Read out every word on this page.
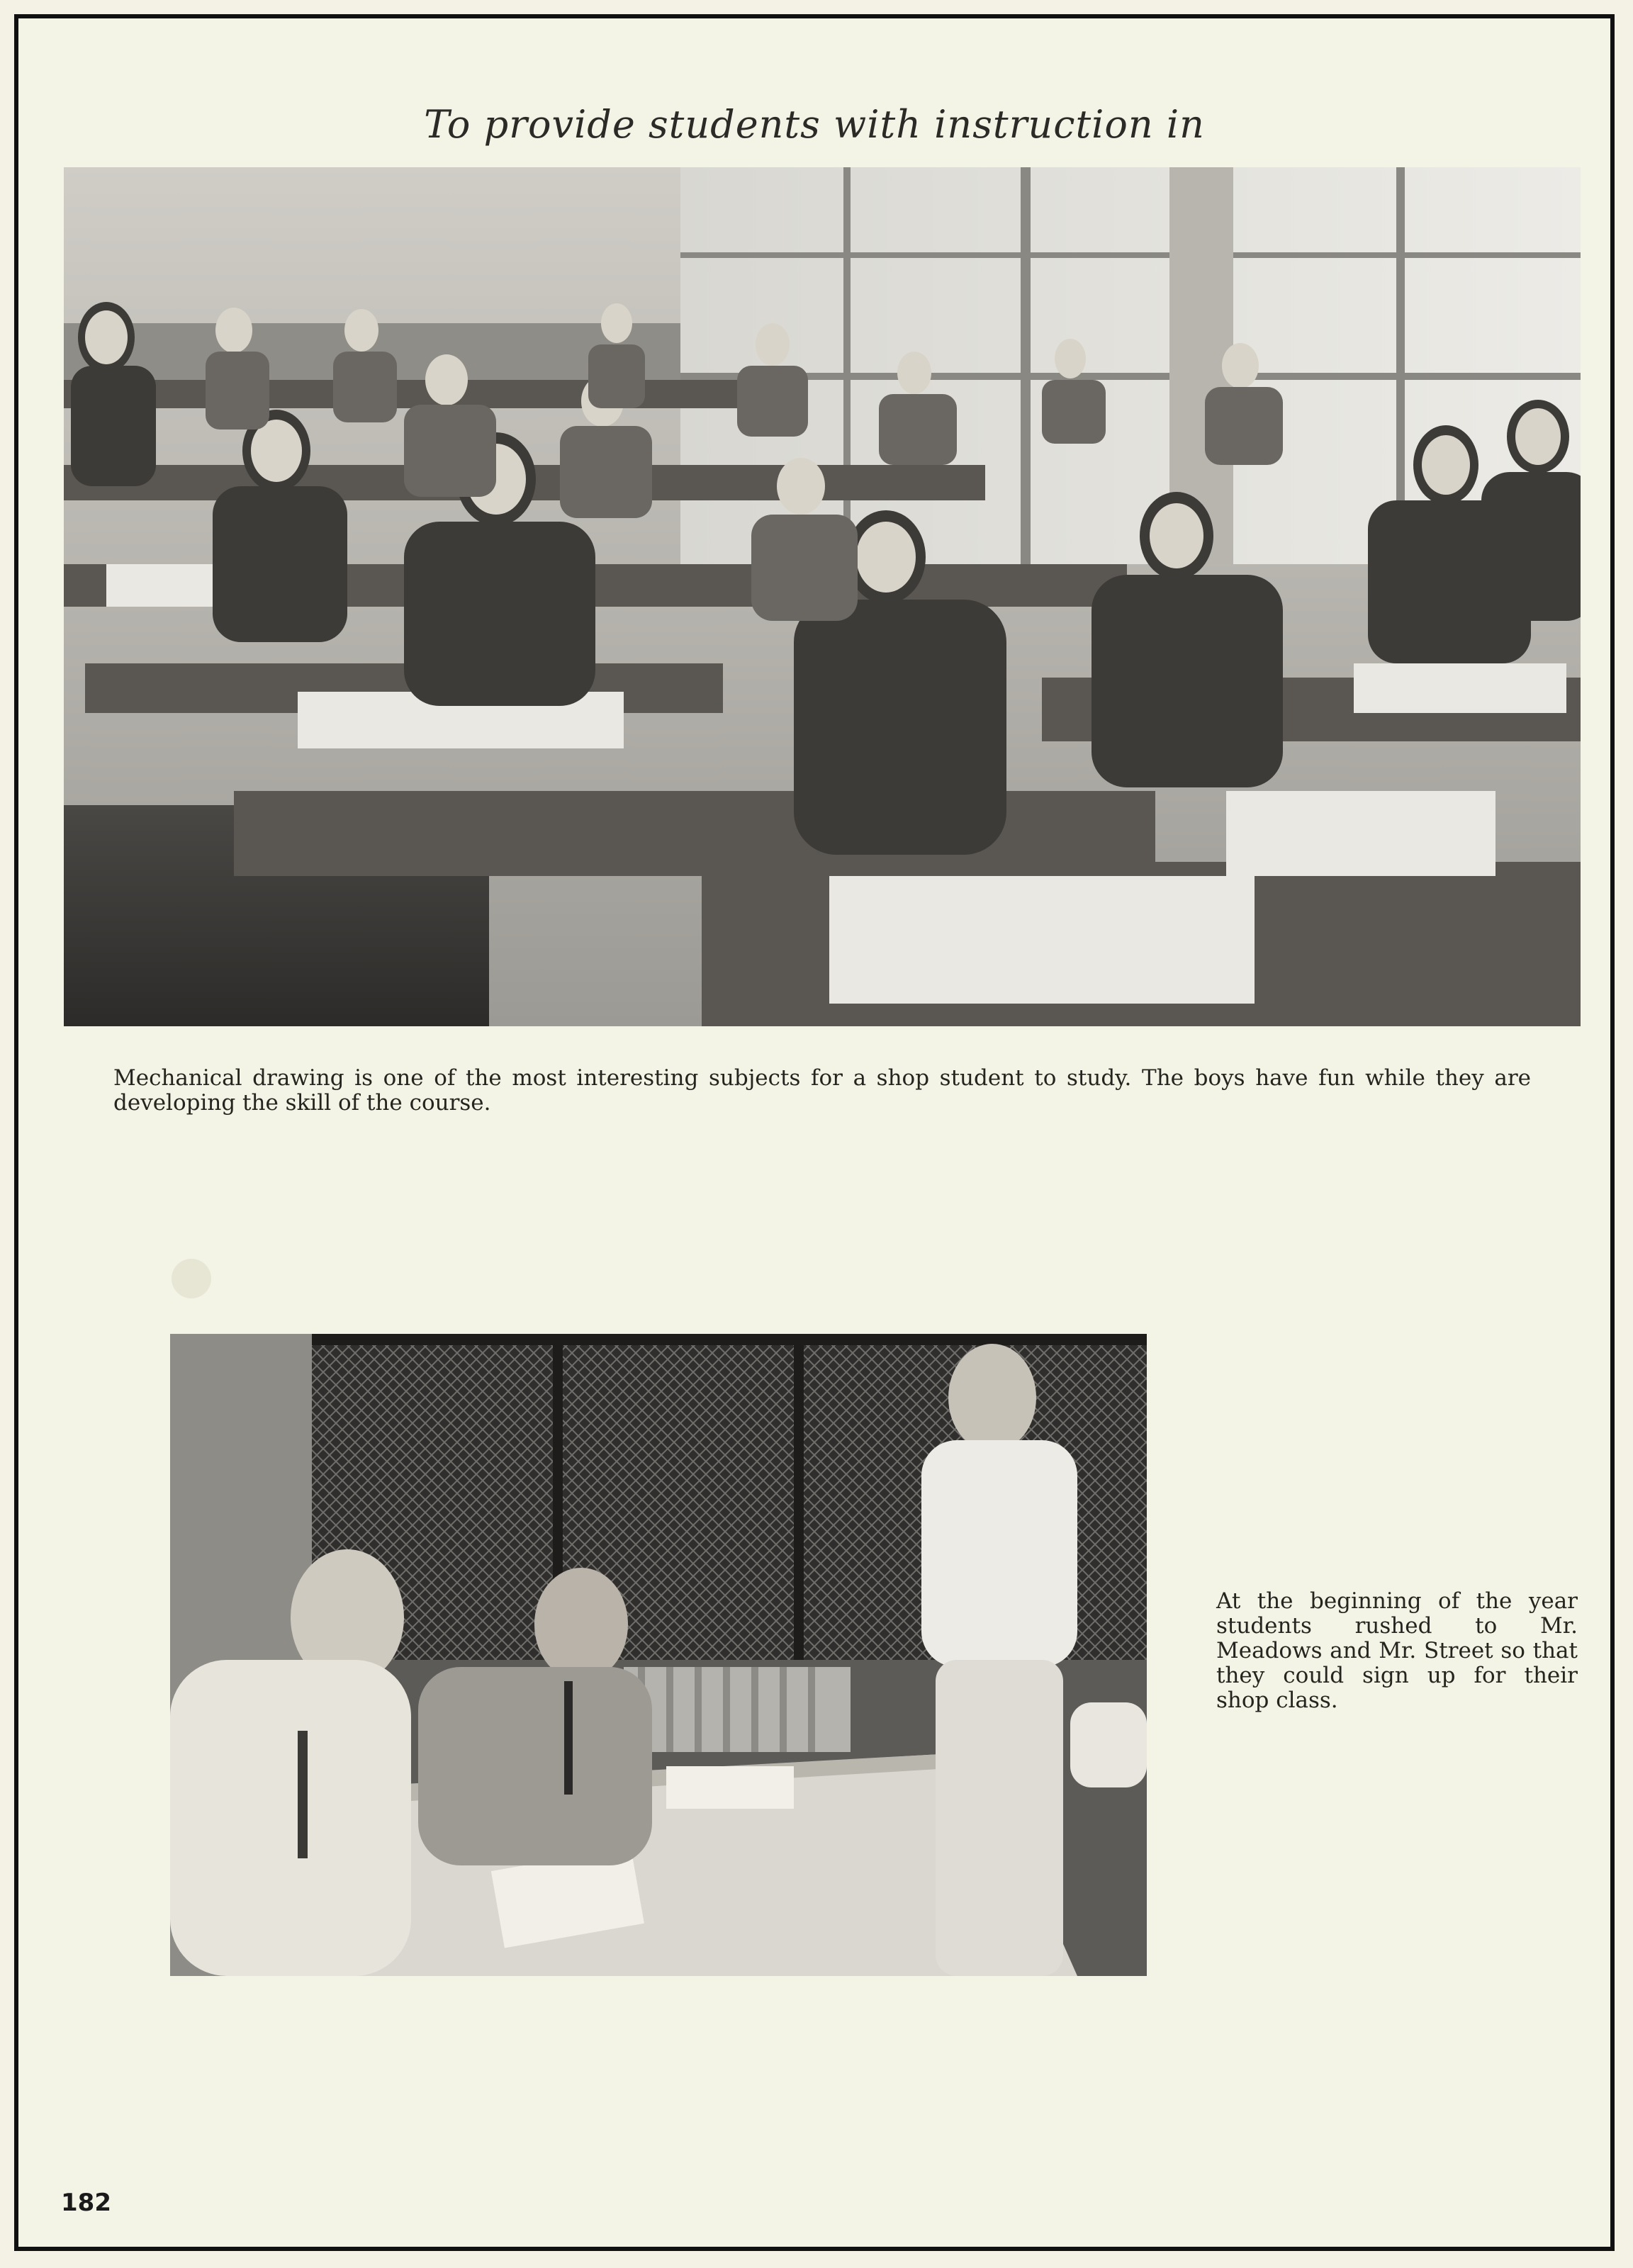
To provide students with instruction in
Mechanical drawing is one of the most interesting subjects for a shop student to study. The boys have fun while they are developing the skill of the course.
At the beginning of the year students rushed to Mr. Meadows and Mr. Street so that they could sign up for their shop class.
182
